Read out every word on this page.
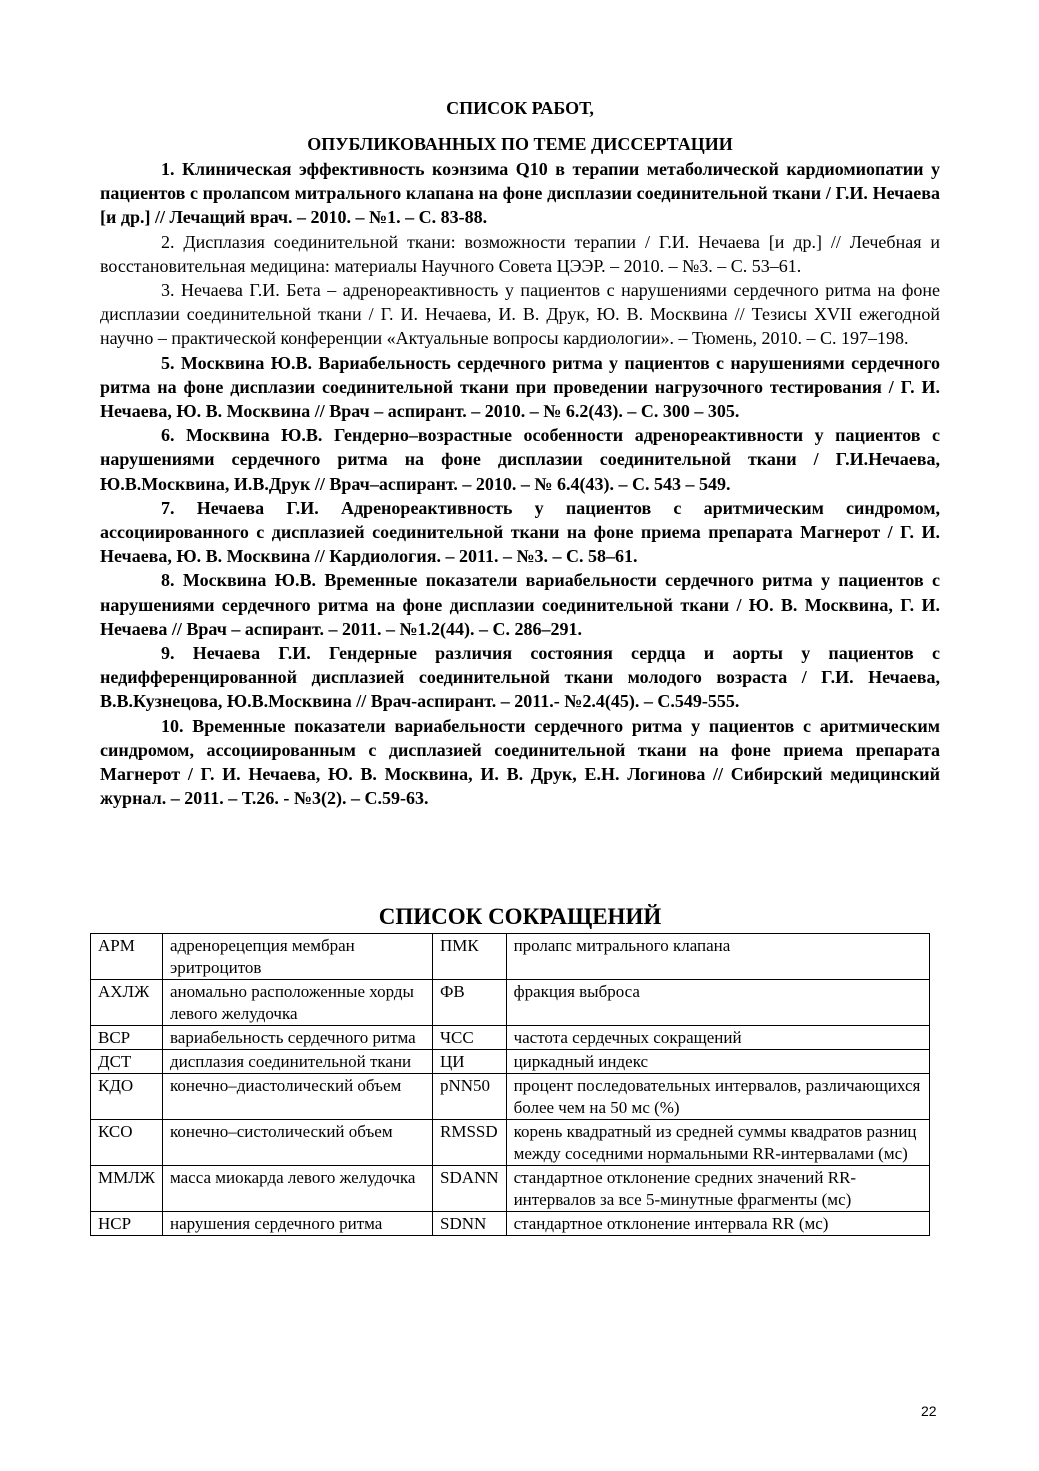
СПИСОК РАБОТ,

ОПУБЛИКОВАННЫХ ПО ТЕМЕ ДИССЕРТАЦИИ

1. Клиническая эффективность коэнзима Q10 в терапии метаболической кардиомиопатии у пациентов с пролапсом митрального клапана на фоне дисплазии соединительной ткани / Г.И. Нечаева [и др.] // Лечащий врач. – 2010. – №1. – С. 83-88.

2. Дисплазия соединительной ткани: возможности терапии / Г.И. Нечаева [и др.] // Лечебная и восстановительная медицина: материалы Научного Совета ЦЭЭР. – 2010. – №3. – С. 53–61.

3. Нечаева Г.И. Бета – адренореактивность у пациентов с нарушениями сердечного ритма на фоне дисплазии соединительной ткани / Г. И. Нечаева, И. В. Друк, Ю. В. Москвина // Тезисы XVII ежегодной научно – практической конференции «Актуальные вопросы кардиологии». – Тюмень, 2010. – С. 197–198.

5. Москвина Ю.В. Вариабельность сердечного ритма у пациентов с нарушениями сердечного ритма на фоне дисплазии соединительной ткани при проведении нагрузочного тестирования / Г. И. Нечаева, Ю. В. Москвина // Врач – аспирант. – 2010. – № 6.2(43). – С. 300 – 305.

6. Москвина Ю.В. Гендерно–возрастные особенности адренореактивности у пациентов с нарушениями сердечного ритма на фоне дисплазии соединительной ткани / Г.И.Нечаева, Ю.В.Москвина, И.В.Друк // Врач–аспирант. – 2010. – № 6.4(43). – С. 543 – 549.

7. Нечаева Г.И. Адренореактивность у пациентов с аритмическим синдромом, ассоциированного с дисплазией соединительной ткани на фоне приема препарата Магнерот / Г. И. Нечаева, Ю. В. Москвина // Кардиология. – 2011. – №3. – С. 58–61.

8. Москвина Ю.В. Временные показатели вариабельности сердечного ритма у пациентов с нарушениями сердечного ритма на фоне дисплазии соединительной ткани / Ю. В. Москвина, Г. И. Нечаева // Врач – аспирант. – 2011. – №1.2(44). – С. 286–291.

9. Нечаева Г.И. Гендерные различия состояния сердца и аорты у пациентов с недифференцированной дисплазией соединительной ткани молодого возраста / Г.И. Нечаева, В.В.Кузнецова, Ю.В.Москвина // Врач-аспирант. – 2011.- №2.4(45). – С.549-555.

10. Временные показатели вариабельности сердечного ритма у пациентов с аритмическим синдромом, ассоциированным с дисплазией соединительной ткани на фоне приема препарата Магнерот / Г. И. Нечаева, Ю. В. Москвина, И. В. Друк, Е.Н. Логинова // Сибирский медицинский журнал. – 2011. – Т.26. - №3(2). – С.59-63.

СПИСОК СОКРАЩЕНИЙ

АРМ	адренорецепция мембран эритроцитов	ПМК	пролапс митрального клапана
АХЛЖ	аномально расположенные хорды левого желудочка	ФВ	фракция выброса
ВСР	вариабельность сердечного ритма	ЧСС	частота сердечных сокращений
ДСТ	дисплазия соединительной ткани	ЦИ	циркадный индекс
КДО	конечно–диастолический объем	pNN50	процент последовательных интервалов, различающихся более чем на 50 мс (%)
КСО	конечно–систолический объем	RMSSD	корень квадратный из средней суммы квадратов разниц между соседними нормальными RR-интервалами (мс)
ММЛЖ	масса миокарда левого желудочка	SDANN	стандартное отклонение средних значений RR-интервалов за все 5-минутные фрагменты (мс)
НСР	нарушения сердечного ритма	SDNN	стандартное отклонение интервала RR (мс)
22
